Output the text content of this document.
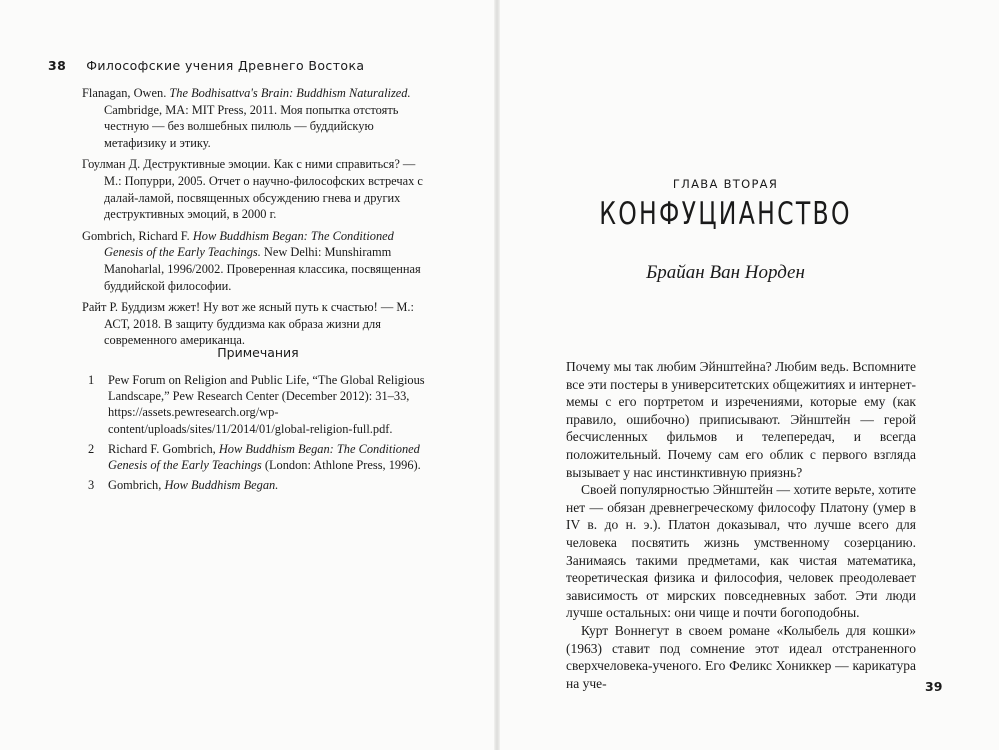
38 Философские учения Древнего Востока

Flanagan, Owen. The Bodhisattva's Brain: Buddhism Naturalized. Cambridge, MA: MIT Press, 2011. Моя попытка отстоять честную — без волшебных пилюль — буддийскую метафизику и этику.

Гоулман Д. Деструктивные эмоции. Как с ними справиться? — М.: Попурри, 2005. Отчет о научно-философских встречах с далай-ламой, посвященных обсуждению гнева и других деструктивных эмоций, в 2000 г.

Gombrich, Richard F. How Buddhism Began: The Conditioned Genesis of the Early Teachings. New Delhi: Munshiramm Manoharlal, 1996/2002. Проверенная классика, посвященная буддийской философии.

Райт Р. Буддизм жжет! Ну вот же ясный путь к счастью! — М.: АСТ, 2018. В защиту буддизма как образа жизни для современного американца.

Примечания
1 Pew Forum on Religion and Public Life, “The Global Religious Landscape,” Pew Research Center (December 2012): 31–33, https://assets.pewresearch.org/wp-content/uploads/sites/11/2014/01/global-religion-full.pdf.
2 Richard F. Gombrich, How Buddhism Began: The Conditioned Genesis of the Early Teachings (London: Athlone Press, 1996).
3 Gombrich, How Buddhism Began.
ГЛАВА ВТОРАЯ
КОНФУЦИАНСТВО
Брайан Ван Норден

Почему мы так любим Эйнштейна? Любим ведь. Вспомните все эти постеры в университетских общежитиях и интернет-мемы с его портретом и изречениями, которые ему (как правило, ошибочно) приписывают. Эйнштейн — герой бесчисленных фильмов и телепередач, и всегда положительный. Почему сам его облик с первого взгляда вызывает у нас инстинктивную приязнь?

Своей популярностью Эйнштейн — хотите верьте, хотите нет — обязан древнегреческому философу Платону (умер в IV в. до н. э.). Платон доказывал, что лучше всего для человека посвятить жизнь умственному созерцанию. Занимаясь такими предметами, как чистая математика, теоретическая физика и философия, человек преодолевает зависимость от мирских повседневных забот. Эти люди лучше остальных: они чище и почти богоподобны.

Курт Воннегут в своем романе «Колыбель для кошки» (1963) ставит под сомнение этот идеал отстраненного сверхчеловека-ученого. Его Феликс Хониккер — карикатура на уче-	39
